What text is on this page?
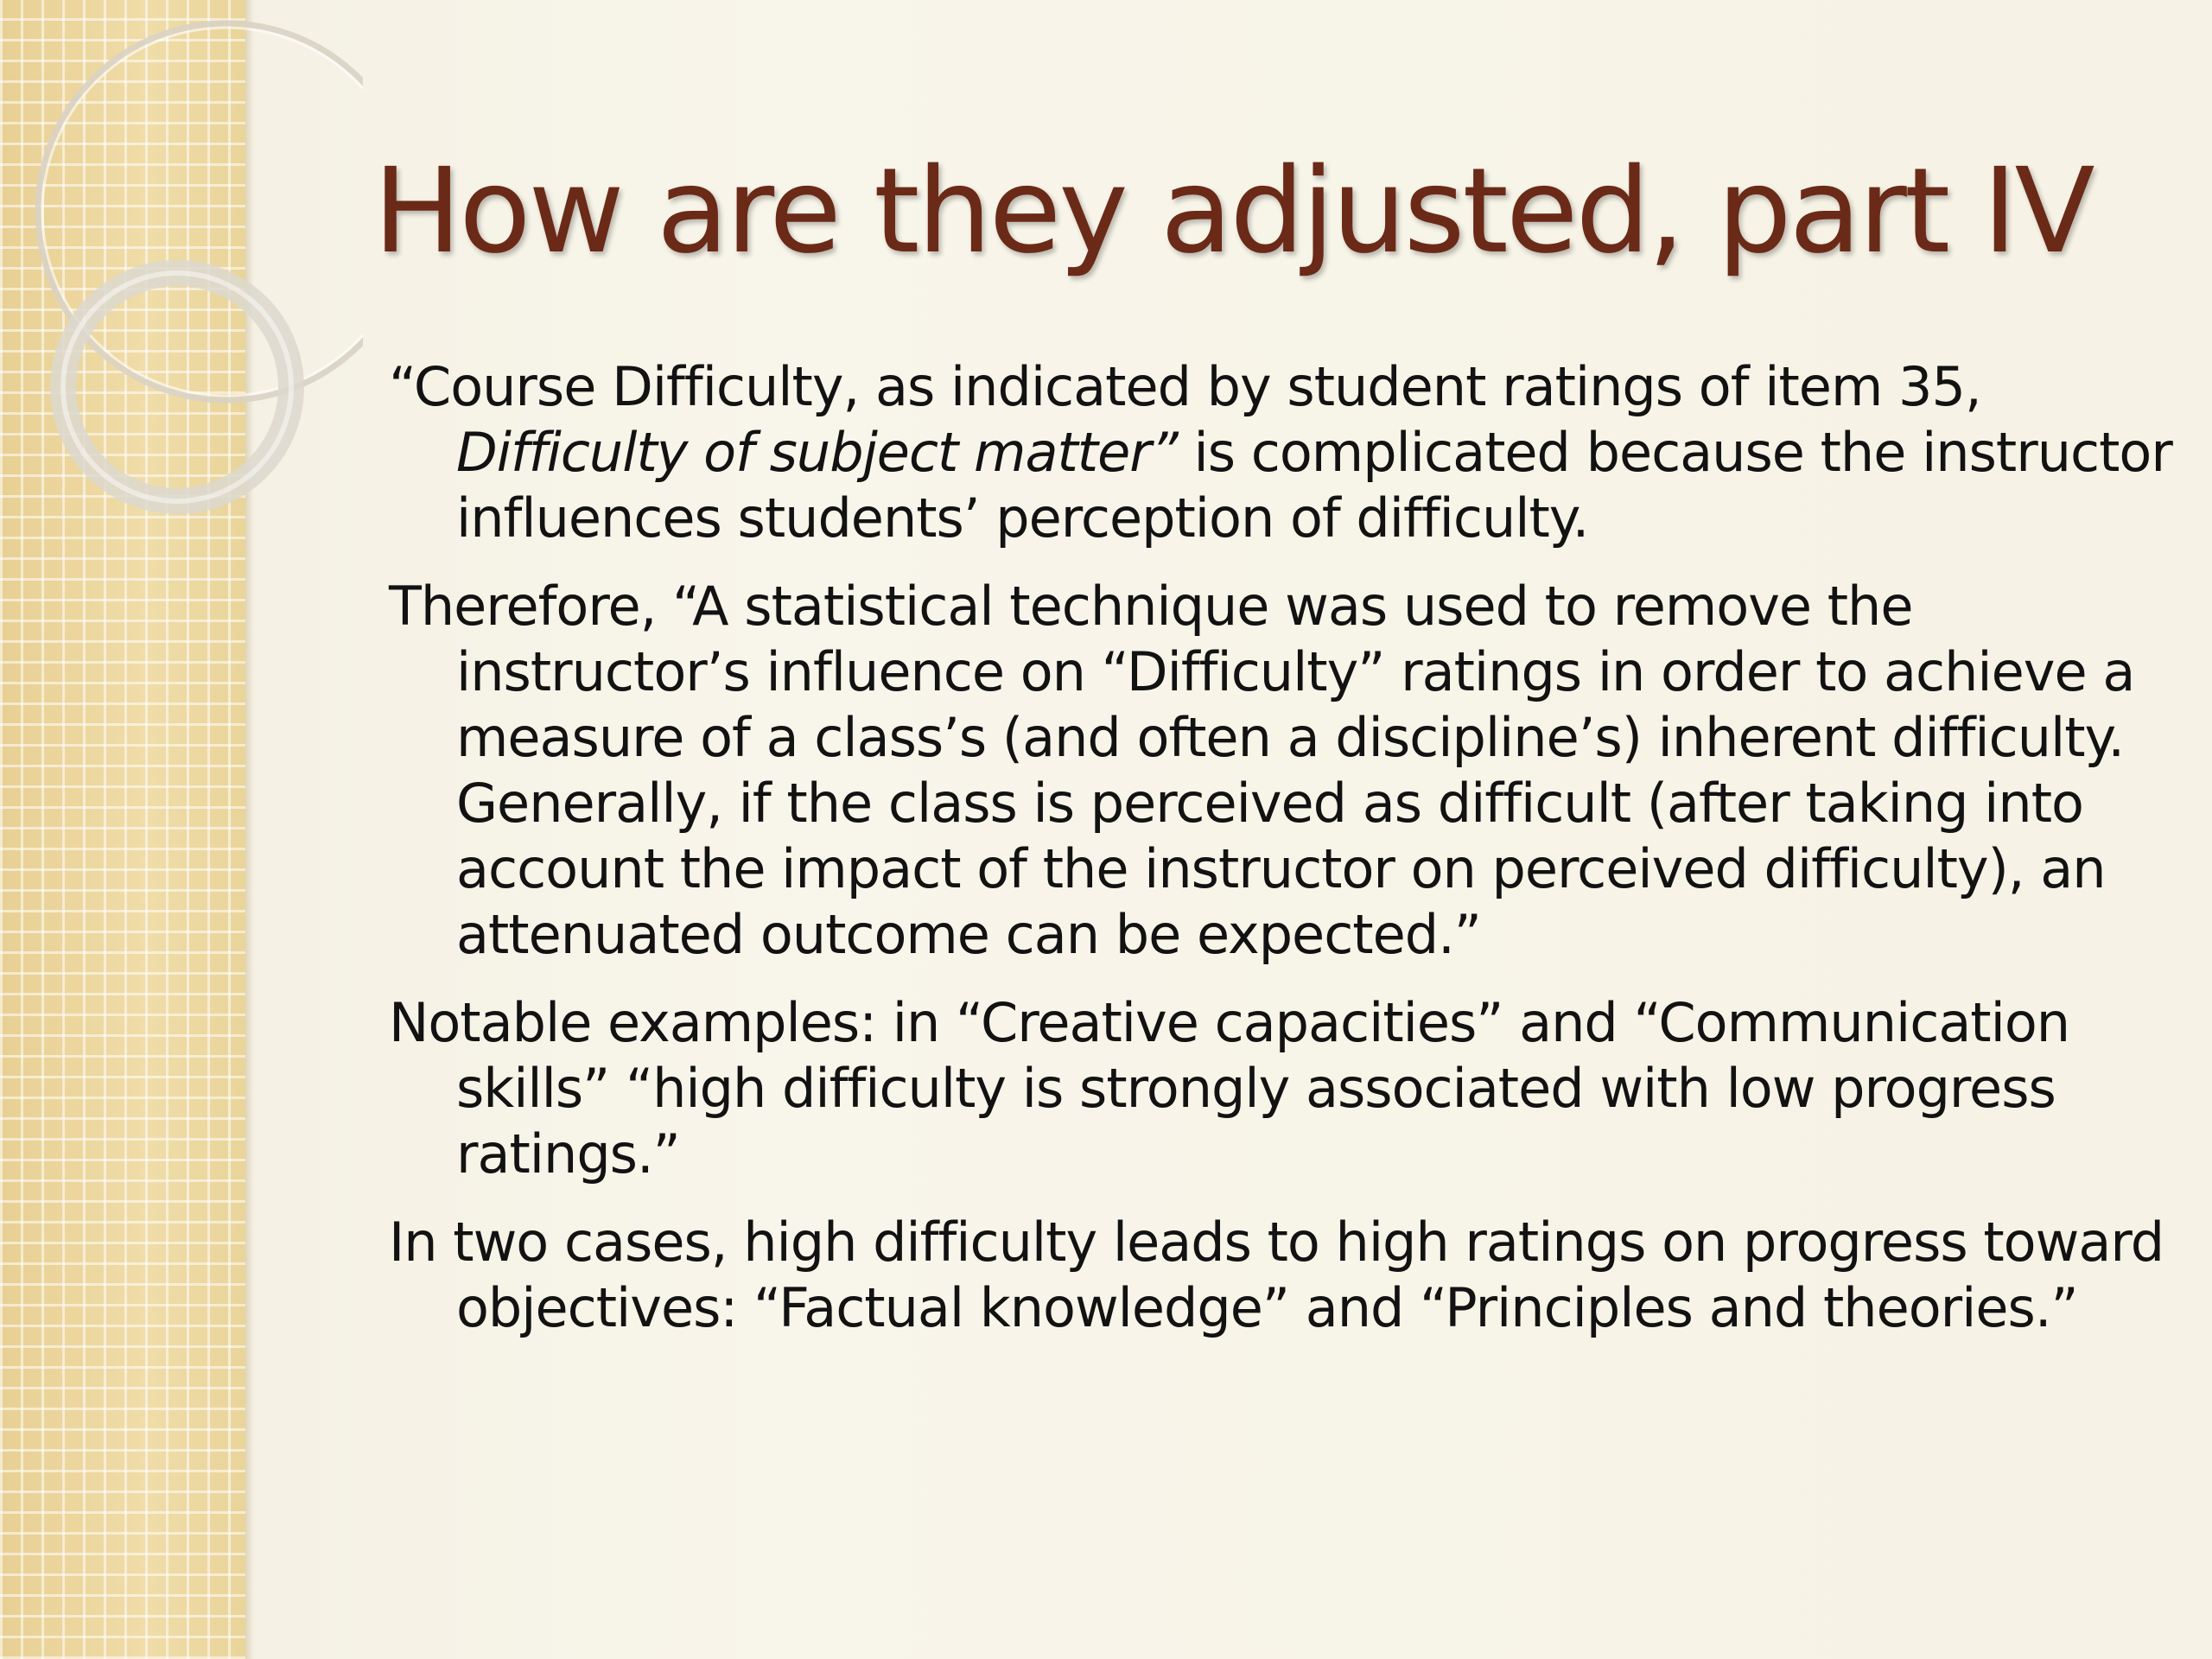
How are they adjusted, part IV

“Course Difficulty, as indicated by student ratings of item 35, Difficulty of subject matter” is complicated because the instructor influences students’ perception of difficulty.

Therefore, “A statistical technique was used to remove the instructor’s influence on “Difficulty” ratings in order to achieve a measure of a class’s (and often a discipline’s) inherent difficulty. Generally, if the class is perceived as difficult (after taking into account the impact of the instructor on perceived difficulty), an attenuated outcome can be expected.”

Notable examples: in “Creative capacities” and “Communication skills” “high difficulty is strongly associated with low progress ratings.”

In two cases, high difficulty leads to high ratings on progress toward objectives: “Factual knowledge” and “Principles and theories.”
